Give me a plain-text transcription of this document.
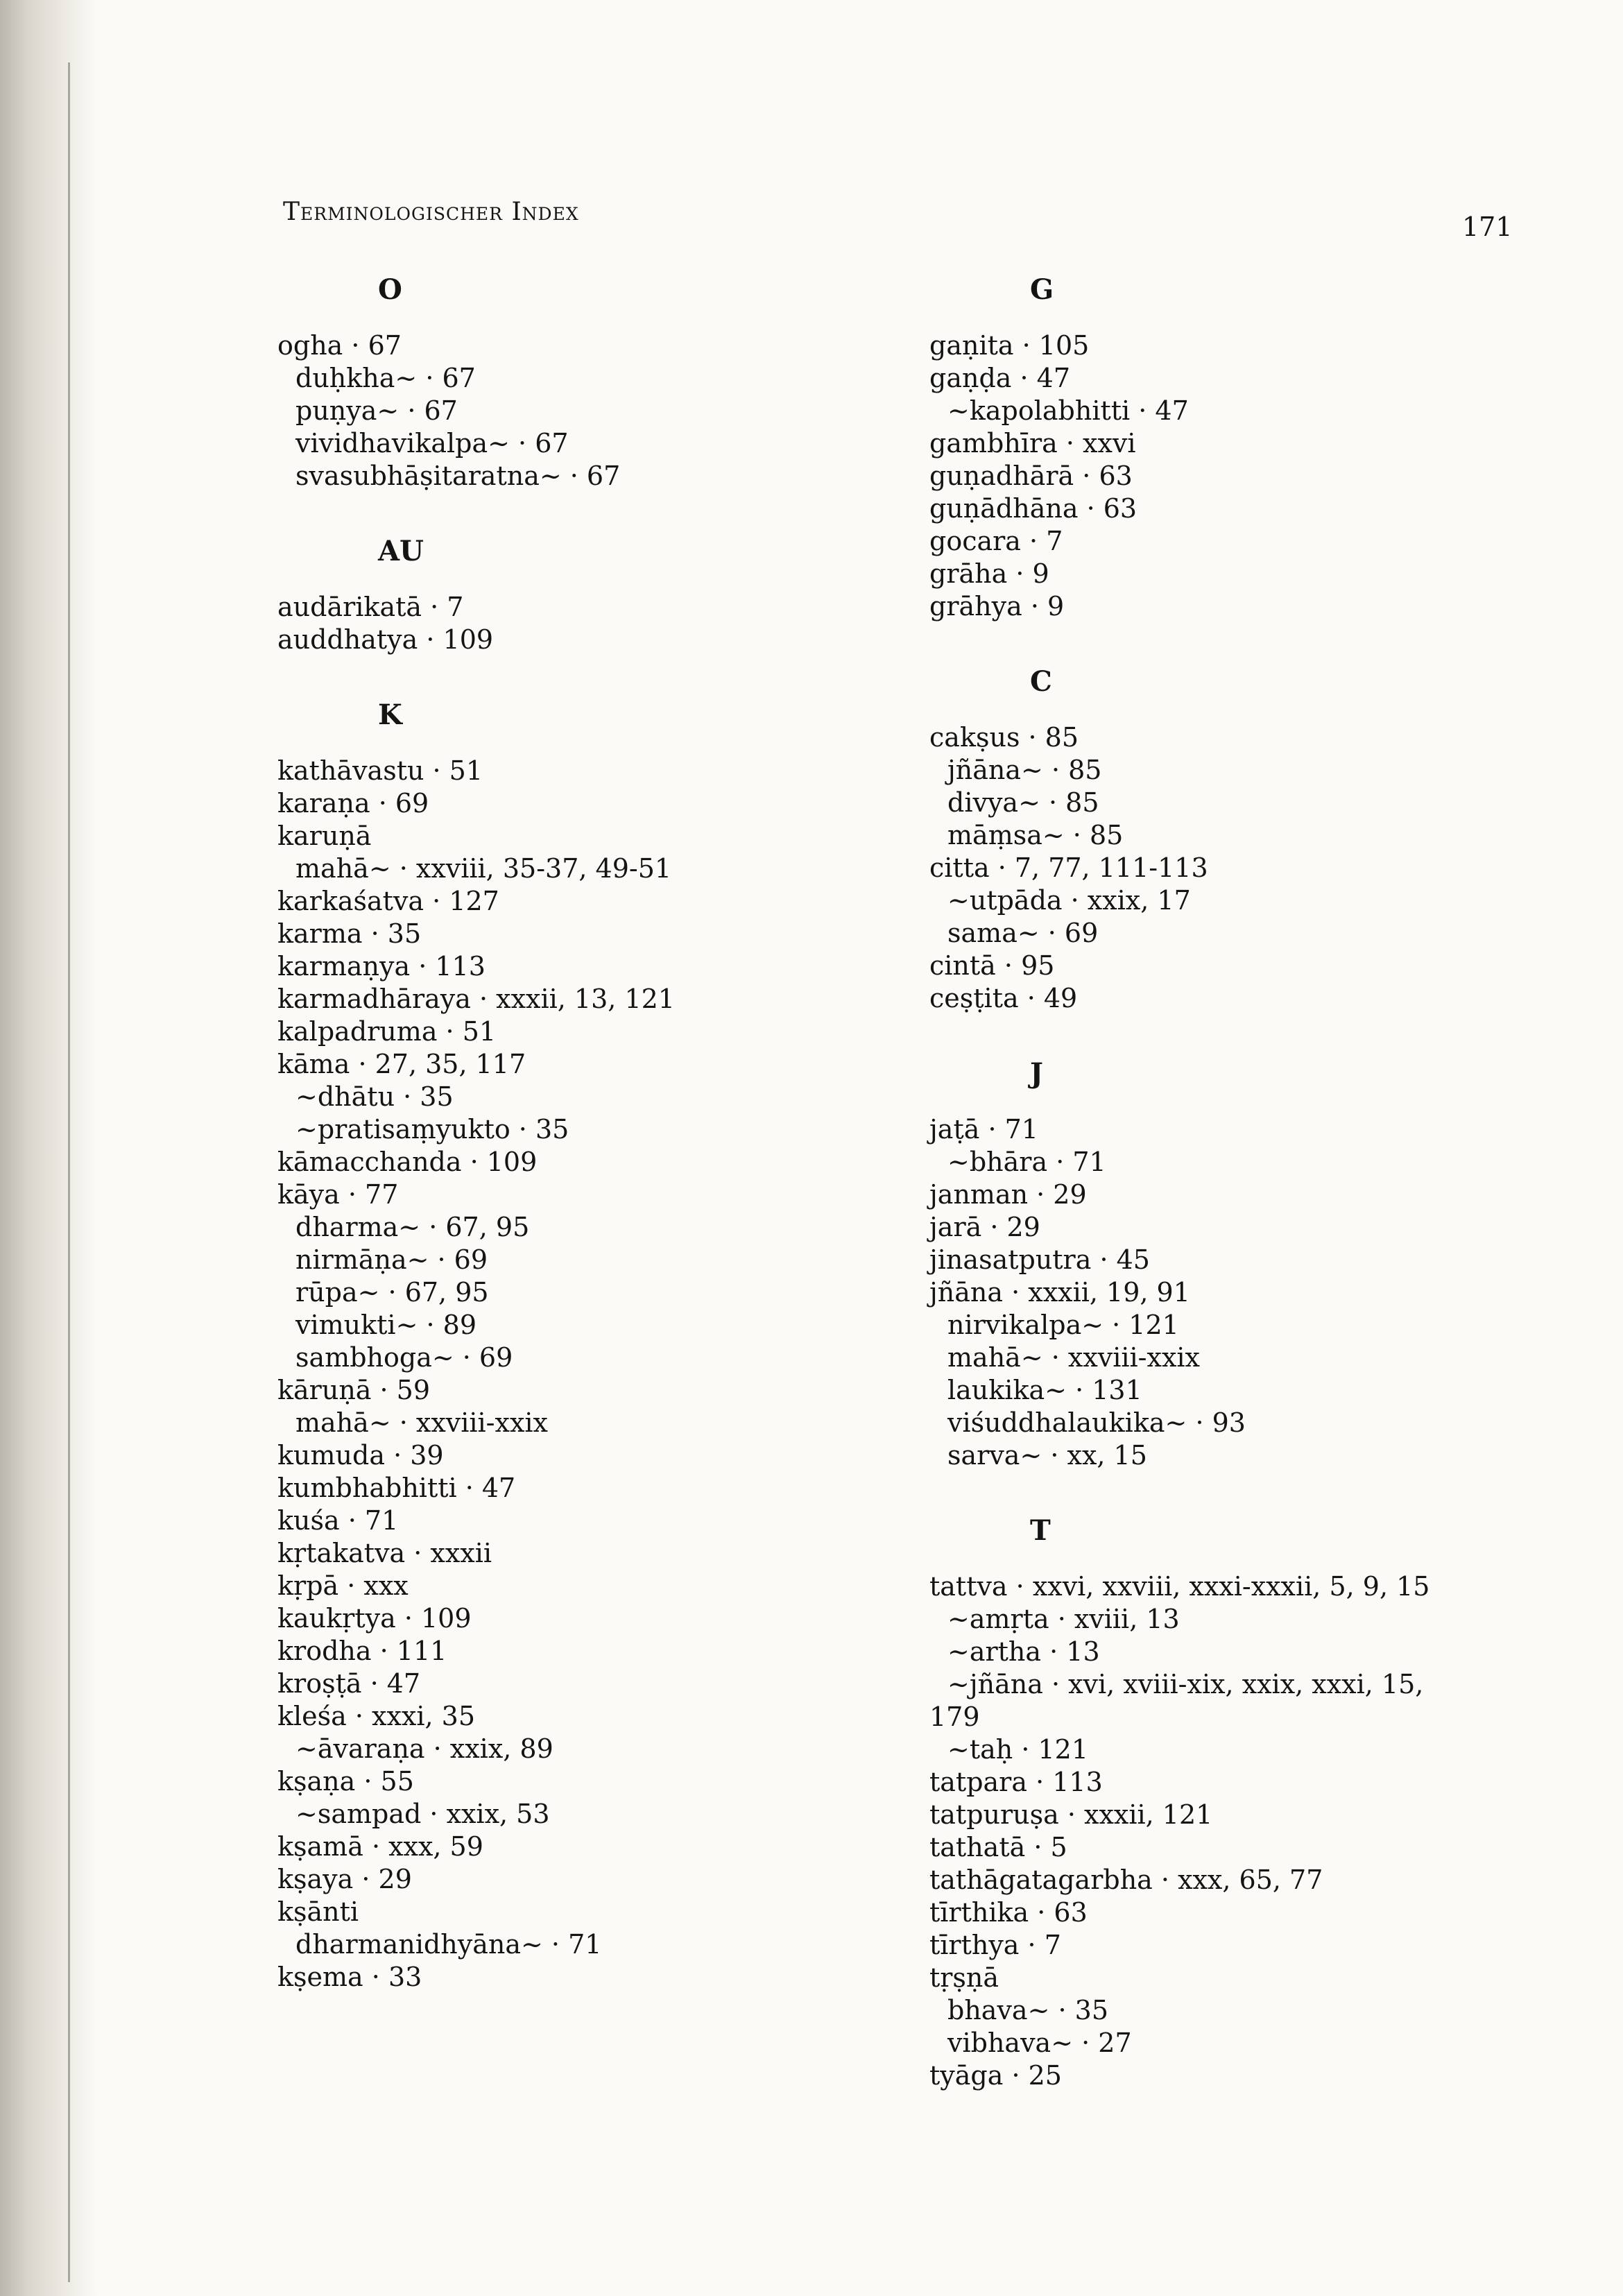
Terminologischer Index	171
O
ogha · 67
duḥkha~ · 67
puṇya~ · 67
vividhavikalpa~ · 67
svasubhāṣitaratna~ · 67
AU
audārikatā · 7
auddhatya · 109
K
kathāvastu · 51
karaṇa · 69
karuṇā
mahā~ · xxviii, 35-37, 49-51
karkaśatva · 127
karma · 35
karmaṇya · 113
karmadhāraya · xxxii, 13, 121
kalpadruma · 51
kāma · 27, 35, 117
~dhātu · 35
~pratisaṃyukto · 35
kāmacchanda · 109
kāya · 77
dharma~ · 67, 95
nirmāṇa~ · 69
rūpa~ · 67, 95
vimukti~ · 89
sambhoga~ · 69
kāruṇā · 59
mahā~ · xxviii-xxix
kumuda · 39
kumbhabhitti · 47
kuśa · 71
kṛtakatva · xxxii
kṛpā · xxx
kaukṛtya · 109
krodha · 111
kroṣṭā · 47
kleśa · xxxi, 35
~āvaraṇa · xxix, 89
kṣaṇa · 55
~sampad · xxix, 53
kṣamā · xxx, 59
kṣaya · 29
kṣānti
dharmanidhyāna~ · 71
kṣema · 33
G
gaṇita · 105
gaṇḍa · 47
~kapolabhitti · 47
gambhīra · xxvi
guṇadhārā · 63
guṇādhāna · 63
gocara · 7
grāha · 9
grāhya · 9
C
cakṣus · 85
jñāna~ · 85
divya~ · 85
māṃsa~ · 85
citta · 7, 77, 111-113
~utpāda · xxix, 17
sama~ · 69
cintā · 95
ceṣṭita · 49
J
jaṭā · 71
~bhāra · 71
janman · 29
jarā · 29
jinasatputra · 45
jñāna · xxxii, 19, 91
nirvikalpa~ · 121
mahā~ · xxviii-xxix
laukika~ · 131
viśuddhalaukika~ · 93
sarva~ · xx, 15
T
tattva · xxvi, xxviii, xxxi-xxxii, 5, 9, 15
~amṛta · xviii, 13
~artha · 13
~jñāna · xvi, xviii-xix, xxix, xxxi, 15,
179
~taḥ · 121
tatpara · 113
tatpuruṣa · xxxii, 121
tathatā · 5
tathāgatagarbha · xxx, 65, 77
tīrthika · 63
tīrthya · 7
tṛṣṇā
bhava~ · 35
vibhava~ · 27
tyāga · 25
